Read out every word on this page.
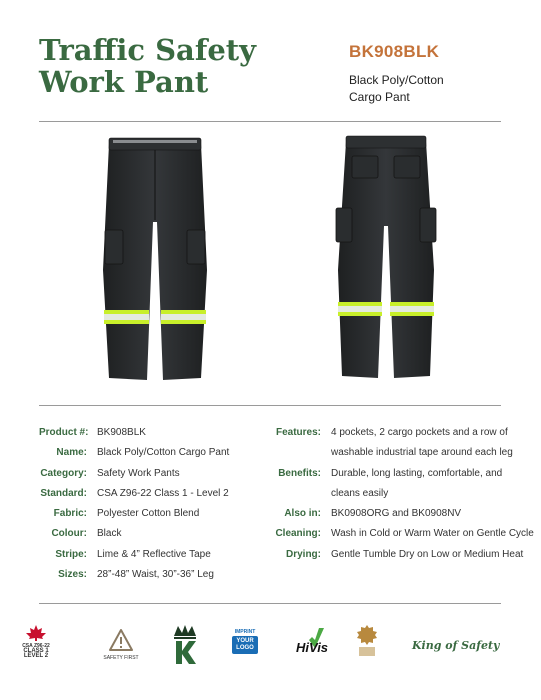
Traffic Safety
Work Pant
BK908BLK
Black Poly/Cotton
Cargo Pant
Product #: BK908BLK
Name:	Black Poly/Cotton Cargo Pant
Category:	Safety Work Pants
Standard:	CSA Z96-22 Class 1 - Level 2
Fabric:	Polyester Cotton Blend
Colour:	Black
Stripe:	Lime & 4” Reflective Tape
Sizes:	28”-48” Waist, 30”-36” Leg
Features:	4 pockets, 2 cargo pockets and a row of
washable industrial tape around each leg
Benefits:	Durable, long lasting, comfortable, and
cleans easily
Also in:	BK0908ORG and BK0908NV
Cleaning:	Wash in Cold or Warm Water on Gentle Cycle
Drying:	Gentle Tumble Dry on Low or Medium Heat
CSA Z96-22
CLASS 1
LEVEL 2	SAFETY FIRST
IMPRINT
YOUR
LOGO	HiVis	King of Safety
